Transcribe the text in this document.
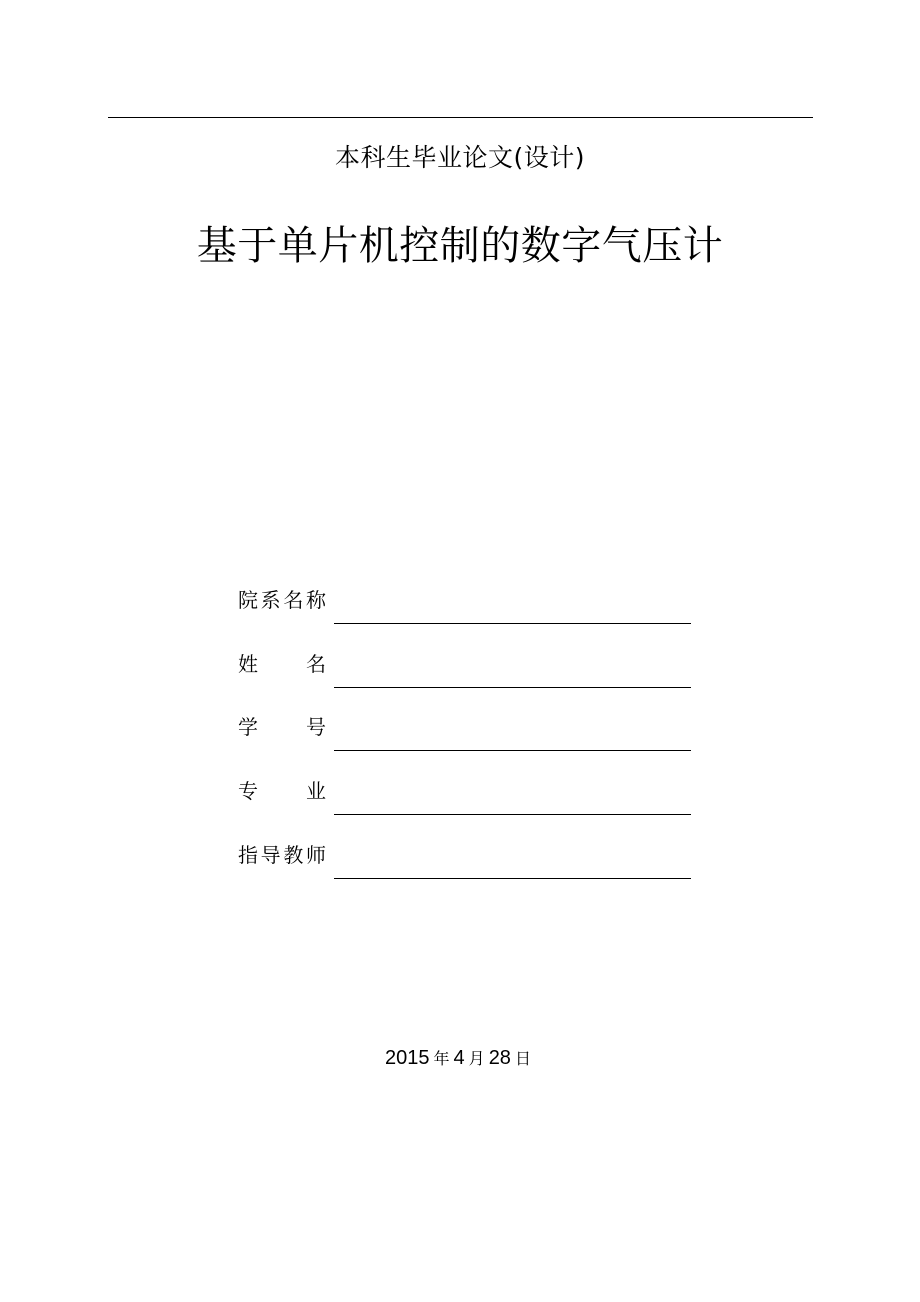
本科生毕业论文(设计)
基于单片机控制的数字气压计
院 系 名 称
姓 名
学 号
专 业
指 导 教 师
2015 年 4 月 28 日
